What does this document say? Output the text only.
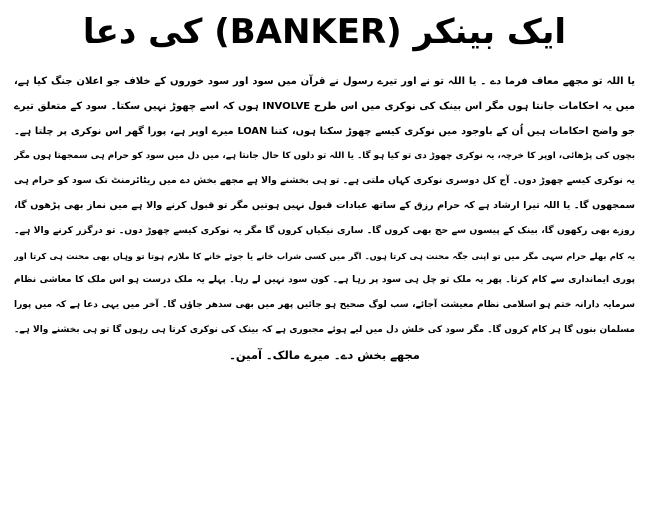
ایک بینکر (BANKER) کی دعا
یا اللہ تو مجھے معاف فرما دے ۔ یا اللہ تو نے اور تیرے رسول نے قرآن میں سود اور سود خوروں کے خلاف جو اعلان جنگ کیا ہے،
میں یہ احکامات جانتا ہوں مگر اس بینک کی نوکری میں اس طرح INVOLVE ہوں کہ اسے چھوڑ نہیں سکتا۔ سود کے متعلق تیرے
جو واضح احکامات ہیں اُن کے باوجود میں نوکری کیسے چھوڑ سکتا ہوں، کتنا LOAN میرے اوپر ہے، پورا گھر اس نوکری پر چلتا ہے۔
بچوں کی پڑھائی، اوپر کا خرچہ، یہ نوکری چھوڑ دی تو کیا ہو گا۔ یا اللہ تو دلوں کا حال جانتا ہے، میں دل میں سود کو حرام ہی سمجھتا ہوں مگر
یہ نوکری کیسے چھوڑ دوں۔ آج کل دوسری نوکری کہاں ملتی ہے۔ تو ہی بخشنے والا ہے مجھے بخش دے میں ریٹائرمنٹ تک سود کو حرام ہی
سمجھوں گا۔ یا اللہ تیرا ارشاد ہے کہ حرام رزق کے ساتھ عبادات قبول نہیں ہوتیں مگر تو قبول کرنے والا ہے میں نماز بھی پڑھوں گا،
روزے بھی رکھوں گا، بینک کے پیسوں سے حج بھی کروں گا۔ ساری نیکیاں کروں گا مگر یہ نوکری کیسے چھوڑ دوں۔ تو درگزر کرنے والا ہے۔
یہ کام بھلے حرام سہی مگر میں تو اپنی جگہ محنت ہی کرتا ہوں۔ اگر میں کسی شراب خانے یا جوئے خانے کا ملازم ہوتا تو وہاں بھی محنت ہی کرتا اور
پوری ایمانداری سے کام کرتا۔ پھر یہ ملک تو چل ہی سود پر رہا ہے۔ کون سود نہیں لے رہا۔ پہلے یہ ملک درست ہو اس ملک کا معاشی نظام
سرمایہ دارانہ ختم ہو اسلامی نظام معیشت آجائے، سب لوگ صحیح ہو جائیں پھر میں بھی سدھر جاؤں گا۔ آخر میں یہی دعا ہے کہ میں پورا
مسلمان بنوں گا ہر کام کروں گا۔ مگر سود کی خلش دل میں لیے ہوئے مجبوری ہے کہ بینک کی نوکری کرتا ہی رہوں گا تو ہی بخشنے والا ہے۔
مجھے بخش دے۔ میرے مالک۔ آمین۔
